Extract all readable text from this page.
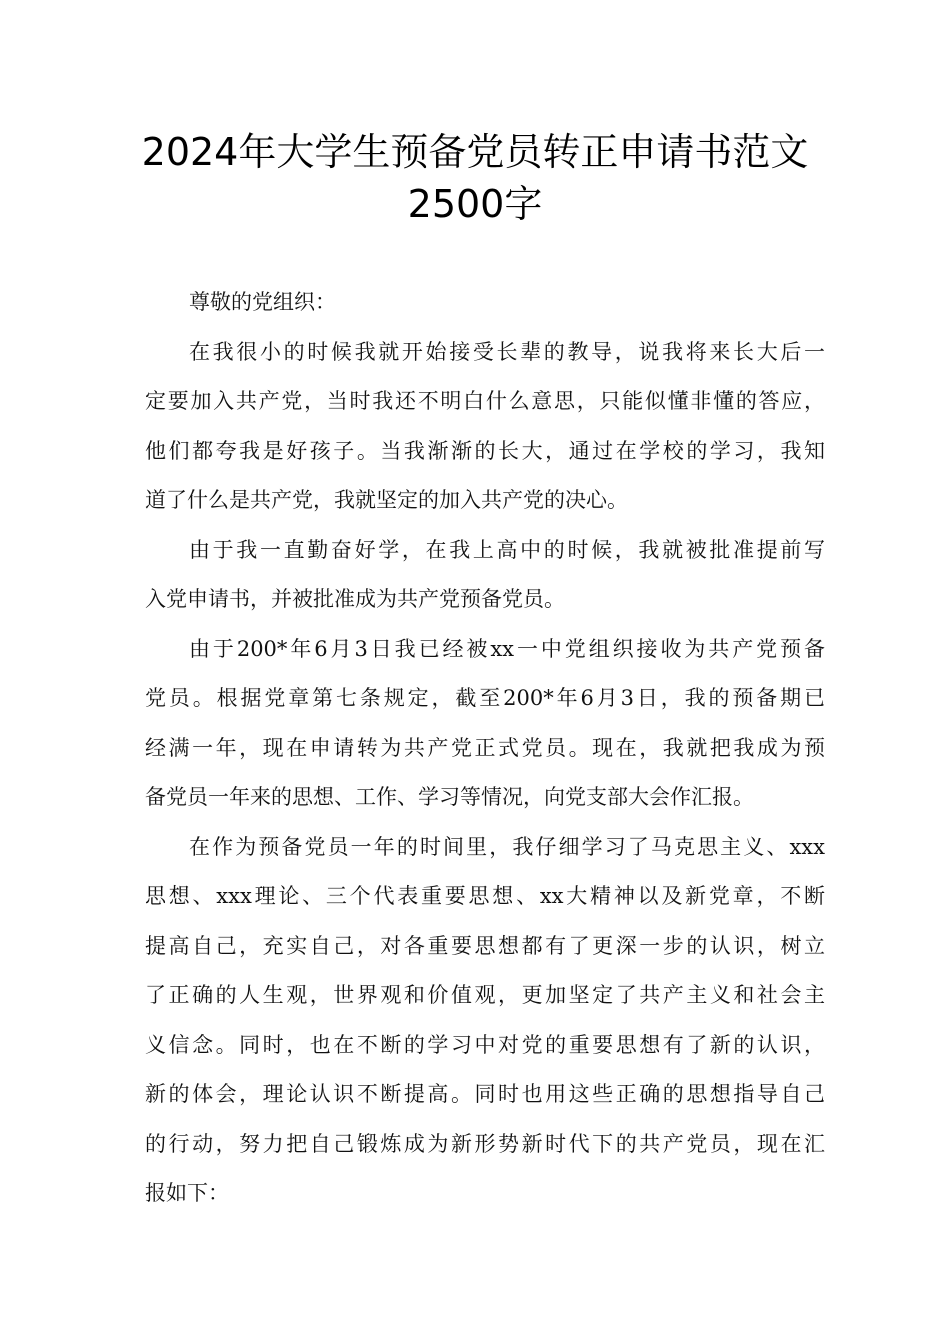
2024年大学生预备党员转正申请书范文
2500字
尊敬的党组织：
在我很小的时候我就开始接受长辈的教导，说我将来长大后一
定要加入共产党，当时我还不明白什么意思，只能似懂非懂的答应，
他们都夸我是好孩子。当我渐渐的长大，通过在学校的学习，我知
道了什么是共产党，我就坚定的加入共产党的决心。
由于我一直勤奋好学，在我上高中的时候，我就被批准提前写
入党申请书，并被批准成为共产党预备党员。
由于200*年6月3日我已经被xx一中党组织接收为共产党预备
党员。根据党章第七条规定，截至200*年6月3日，我的预备期已
经满一年，现在申请转为共产党正式党员。现在，我就把我成为预
备党员一年来的思想、工作、学习等情况，向党支部大会作汇报。
在作为预备党员一年的时间里，我仔细学习了马克思主义、xxx
思想、xxx理论、三个代表重要思想、xx大精神以及新党章，不断
提高自己，充实自己，对各重要思想都有了更深一步的认识，树立
了正确的人生观，世界观和价值观，更加坚定了共产主义和社会主
义信念。同时，也在不断的学习中对党的重要思想有了新的认识，
新的体会，理论认识不断提高。同时也用这些正确的思想指导自己
的行动，努力把自己锻炼成为新形势新时代下的共产党员，现在汇
报如下：
